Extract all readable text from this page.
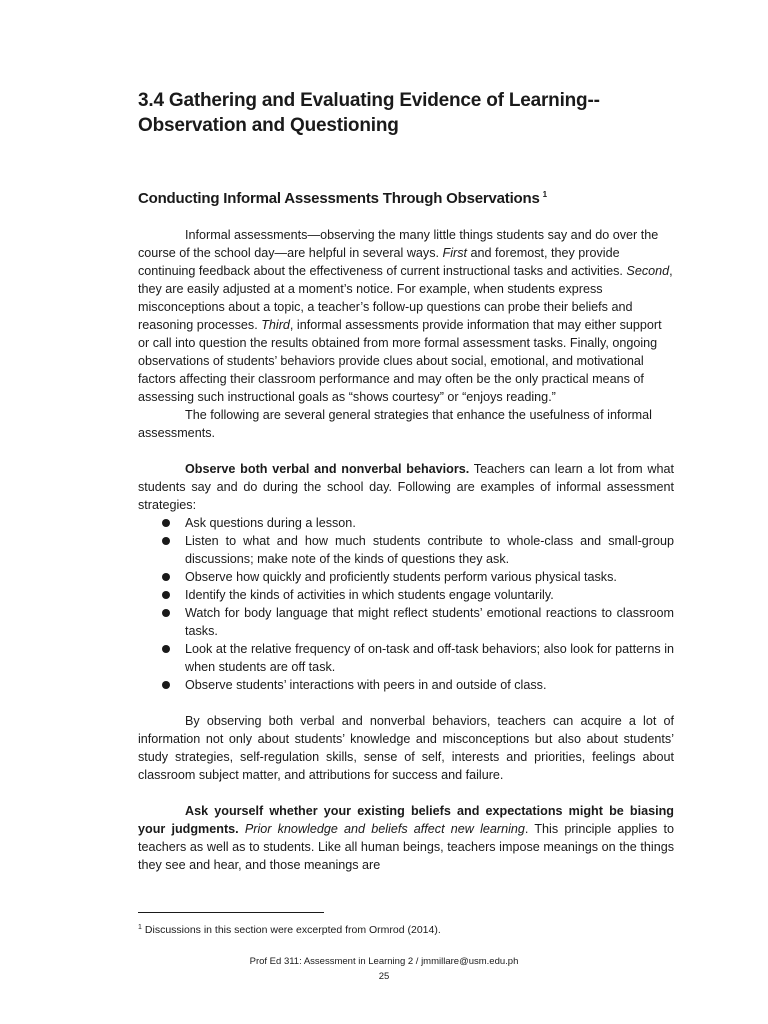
3.4 Gathering and Evaluating Evidence of Learning--Observation and Questioning
Conducting Informal Assessments Through Observations $^1$

Informal assessments—observing the many little things students say and do over the course of the school day—are helpful in several ways. First and foremost, they provide continuing feedback about the effectiveness of current instructional tasks and activities. Second, they are easily adjusted at a moment’s notice. For example, when students express misconceptions about a topic, a teacher’s follow-up questions can probe their beliefs and reasoning processes. Third, informal assessments provide information that may either support or call into question the results obtained from more formal assessment tasks. Finally, ongoing observations of students’ behaviors provide clues about social, emotional, and motivational factors affecting their classroom performance and may often be the only practical means of assessing such instructional goals as “shows courtesy” or “enjoys reading.”

The following are several general strategies that enhance the usefulness of informal assessments.

Observe both verbal and nonverbal behaviors. Teachers can learn a lot from what students say and do during the school day. Following are examples of informal assessment strategies:

Ask questions during a lesson.
Listen to what and how much students contribute to whole-class and small-group discussions; make note of the kinds of questions they ask.
Observe how quickly and proficiently students perform various physical tasks.
Identify the kinds of activities in which students engage voluntarily.
Watch for body language that might reflect students’ emotional reactions to classroom tasks.
Look at the relative frequency of on-task and off-task behaviors; also look for patterns in when students are off task.
Observe students’ interactions with peers in and outside of class.

By observing both verbal and nonverbal behaviors, teachers can acquire a lot of information not only about students’ knowledge and misconceptions but also about students’ study strategies, self-regulation skills, sense of self, interests and priorities, feelings about classroom subject matter, and attributions for success and failure.

Ask yourself whether your existing beliefs and expectations might be biasing your judgments. Prior knowledge and beliefs affect new learning. This principle applies to teachers as well as to students. Like all human beings, teachers impose meanings on the things they see and hear, and those meanings are

$^1$ Discussions in this section were excerpted from Ormrod (2014).
Prof Ed 311: Assessment in Learning 2 / jmmillare@usm.edu.ph
25
